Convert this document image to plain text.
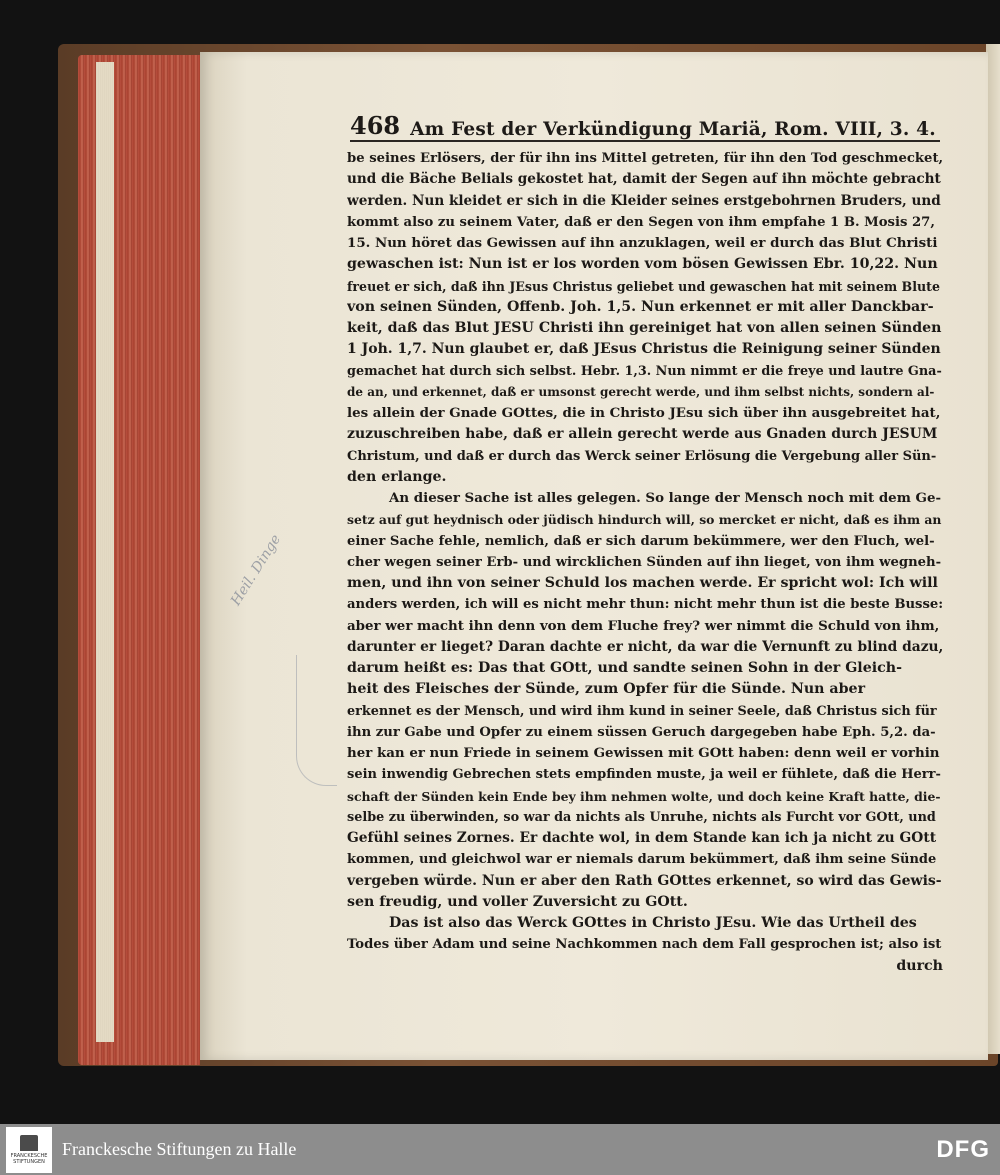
468 Am Fest der Verkündigung Mariä, Rom. VIII, 3. 4.
be seines Erlösers, der für ihn ins Mittel getreten, für ihn den Tod geschmecket,
und die Bäche Belials gekostet hat, damit der Segen auf ihn möchte gebracht
werden. Nun kleidet er sich in die Kleider seines erstgebohrnen Bruders, und
kommt also zu seinem Vater, daß er den Segen von ihm empfahe 1 B. Mosis 27,
15. Nun höret das Gewissen auf ihn anzuklagen, weil er durch das Blut Christi
gewaschen ist: Nun ist er los worden vom bösen Gewissen Ebr. 10,22. Nun
freuet er sich, daß ihn JEsus Christus geliebet und gewaschen hat mit seinem Blute
von seinen Sünden, Offenb. Joh. 1,5. Nun erkennet er mit aller Danckbar-
keit, daß das Blut JESU Christi ihn gereiniget hat von allen seinen Sünden
1 Joh. 1,7. Nun glaubet er, daß JEsus Christus die Reinigung seiner Sünden
gemachet hat durch sich selbst. Hebr. 1,3. Nun nimmt er die freye und lautre Gna-
de an, und erkennet, daß er umsonst gerecht werde, und ihm selbst nichts, sondern al-
les allein der Gnade GOttes, die in Christo JEsu sich über ihn ausgebreitet hat,
zuzuschreiben habe, daß er allein gerecht werde aus Gnaden durch JESUM
Christum, und daß er durch das Werck seiner Erlösung die Vergebung aller Sün-
den erlange.
An dieser Sache ist alles gelegen. So lange der Mensch noch mit dem Ge-
setz auf gut heydnisch oder jüdisch hindurch will, so mercket er nicht, daß es ihm an
einer Sache fehle, nemlich, daß er sich darum bekümmere, wer den Fluch, wel-
cher wegen seiner Erb- und wircklichen Sünden auf ihn lieget, von ihm wegneh-
men, und ihn von seiner Schuld los machen werde. Er spricht wol: Ich will
anders werden, ich will es nicht mehr thun: nicht mehr thun ist die beste Busse:
aber wer macht ihn denn von dem Fluche frey? wer nimmt die Schuld von ihm,
darunter er lieget? Daran dachte er nicht, da war die Vernunft zu blind dazu,
darum heißt es: Das that GOtt, und sandte seinen Sohn in der Gleich-
heit des Fleisches der Sünde, zum Opfer für die Sünde. Nun aber
erkennet es der Mensch, und wird ihm kund in seiner Seele, daß Christus sich für
ihn zur Gabe und Opfer zu einem süssen Geruch dargegeben habe Eph. 5,2. da-
her kan er nun Friede in seinem Gewissen mit GOtt haben: denn weil er vorhin
sein inwendig Gebrechen stets empfinden muste, ja weil er fühlete, daß die Herr-
schaft der Sünden kein Ende bey ihm nehmen wolte, und doch keine Kraft hatte, die-
selbe zu überwinden, so war da nichts als Unruhe, nichts als Furcht vor GOtt, und
Gefühl seines Zornes. Er dachte wol, in dem Stande kan ich ja nicht zu GOtt
kommen, und gleichwol war er niemals darum bekümmert, daß ihm seine Sünde
vergeben würde. Nun er aber den Rath GOttes erkennet, so wird das Gewis-
sen freudig, und voller Zuversicht zu GOtt.
Das ist also das Werck GOttes in Christo JEsu. Wie das Urtheil des
Todes über Adam und seine Nachkommen nach dem Fall gesprochen ist; also ist
durch
Heil. Dinge
FRANCKESCHE STIFTUNGEN
Franckesche Stiftungen zu Halle	DFG
